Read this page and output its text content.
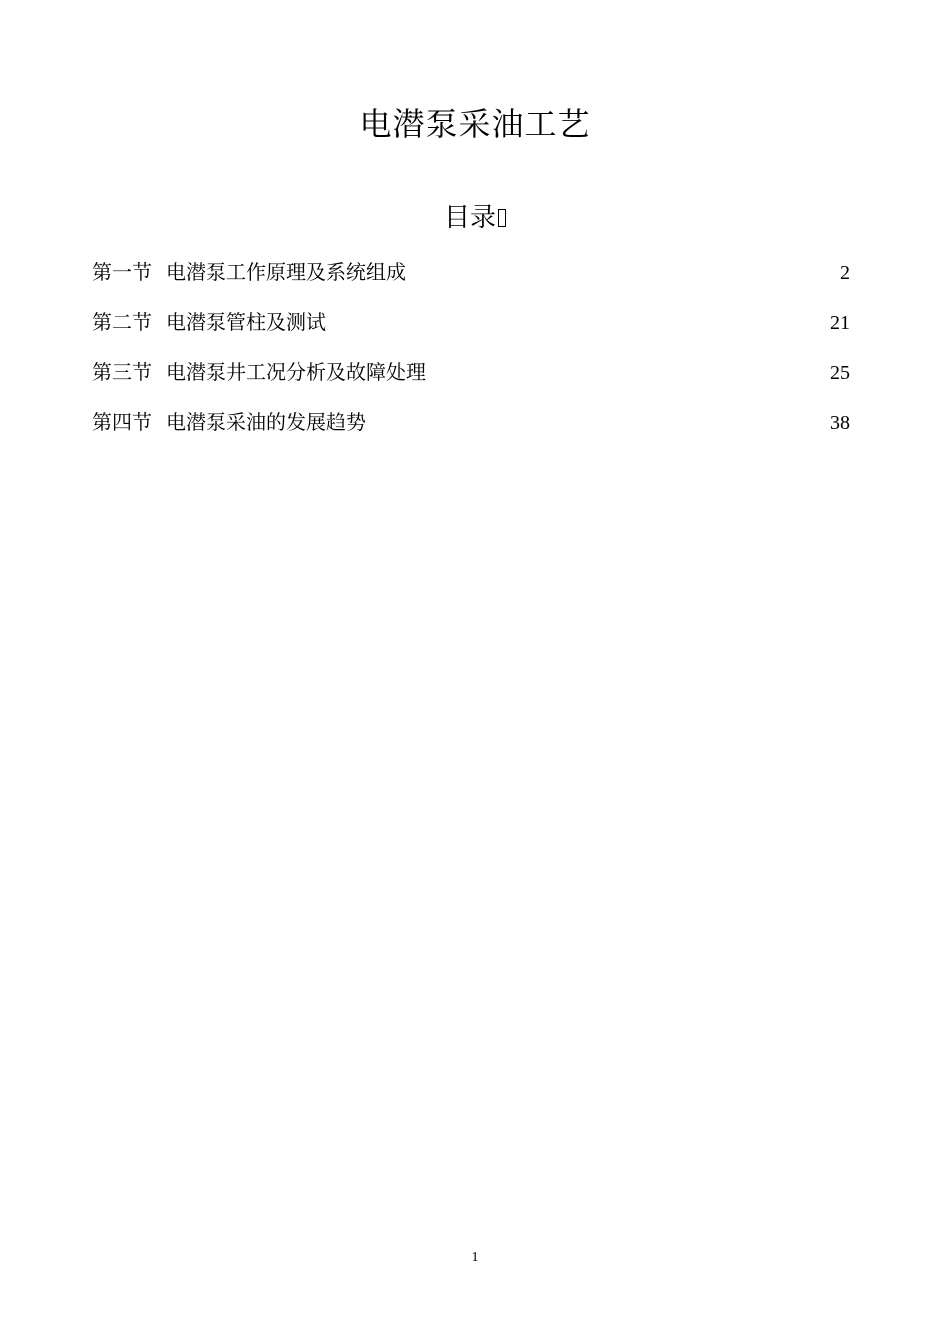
电潜泵采油工艺
目录
第一节 电潜泵工作原理及系统组成	2
第二节 电潜泵管柱及测试	21
第三节 电潜泵井工况分析及故障处理	25
第四节 电潜泵采油的发展趋势	38
1
